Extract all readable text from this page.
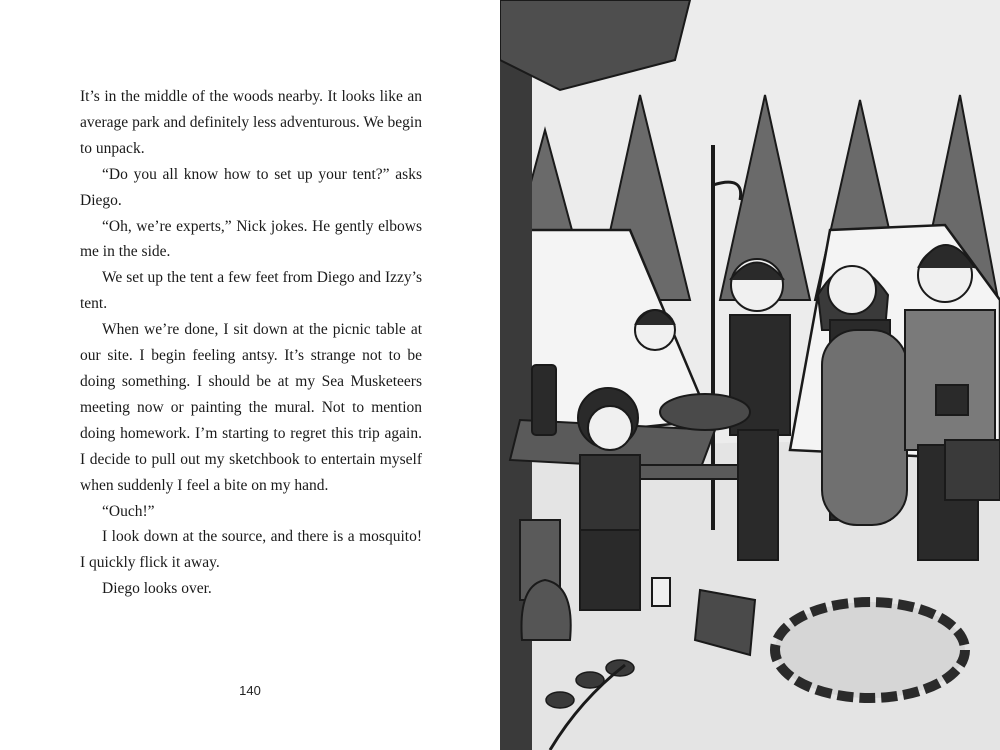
It’s in the middle of the woods nearby. It looks like an average park and definitely less adventurous. We begin to unpack.

“Do you all know how to set up your tent?” asks Diego.

“Oh, we’re experts,” Nick jokes. He gently elbows me in the side.

We set up the tent a few feet from Diego and Izzy’s tent.

When we’re done, I sit down at the picnic table at our site. I begin feeling antsy. It’s strange not to be doing something. I should be at my Sea Musketeers meeting now or painting the mural. Not to mention doing homework. I’m starting to regret this trip again. I decide to pull out my sketchbook to entertain myself when suddenly I feel a bite on my hand.

“Ouch!”

I look down at the source, and there is a mosquito! I quickly flick it away.

Diego looks over.

140
